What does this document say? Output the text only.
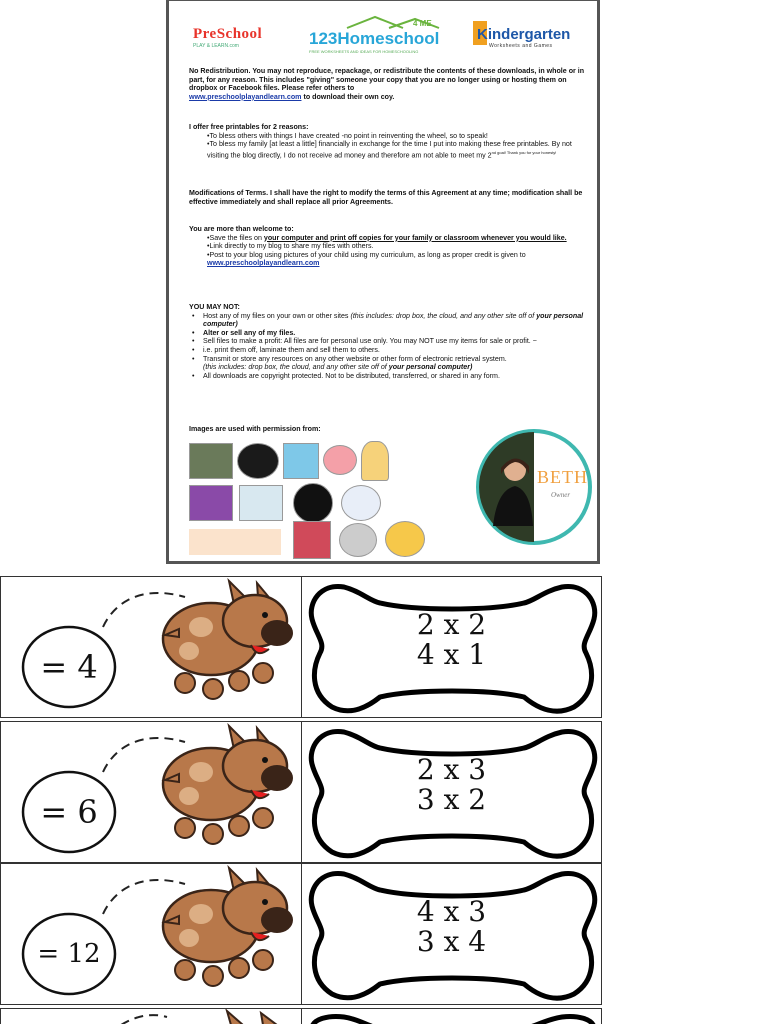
PreSchool
PLAY & LEARN.com
4 ME
123Homeschool
FREE WORKSHEETS AND IDEAS FOR HOMESCHOOLING
Kindergarten
Worksheets and Games
No Redistribution. You may not reproduce, repackage, or redistribute the contents of these downloads, in whole or in part, for any reason. This includes "giving" someone your copy that you are no longer using or hosting them on dropbox or Facebook files. Please refer others to
www.preschoolplayandlearn.com to download their own coy.
I offer free printables for 2 reasons:
•To bless others with things I have created -no point in reinventing the wheel, so to speak!
•To bless my family [at least a little] financially in exchange for the time I put into making these free printables. By not visiting the blog directly, I do not receive ad money and therefore am not able to meet my $2^{nd goal! Thank you for your honesty!}$
Modifications of Terms. I shall have the right to modify the terms of this Agreement at any time; modification shall be effective immediately and shall replace all prior Agreements.
You are more than welcome to:
•Save the files on your computer and print off copies for your family or classroom whenever you would like.
•Link directly to my blog to share my files with others.
•Post to your blog using pictures of your child using my curriculum, as long as proper credit is given to www.preschoolplayandlearn.com
YOU MAY NOT:
• Host any of my files on your own or other sites (this includes: drop box, the cloud, and any other site off of your personal computer)
• Alter or sell any of my files.
• Sell files to make a profit: All files are for personal use only. You may NOT use my items for sale or profit. ~
• i.e. print them off, laminate them and sell them to others.
• Transmit or store any resources on any other website or other form of electronic retrieval system.
(this includes: drop box, the cloud, and any other site off of your personal computer)
• All downloads are copyright protected. Not to be distributed, transferred, or shared in any form.
Images are used with permission from:
BETH
Owner
= 4
2 x 2
4 x 1
= 6
2 x 3
3 x 2
= 12
4 x 3
3 x 4
